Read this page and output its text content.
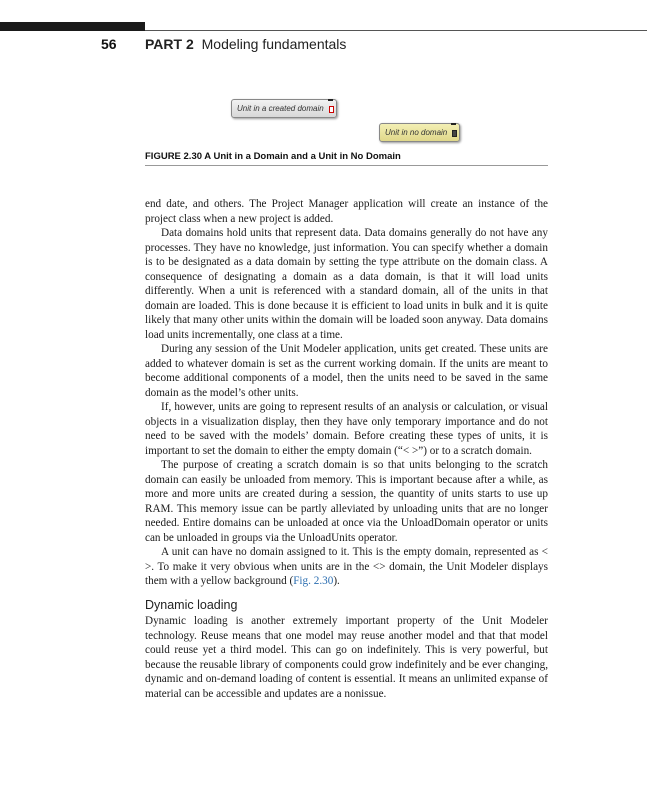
56 PART 2 Modeling fundamentals
Unit in a created domain
Unit in no domain
FIGURE 2.30 A Unit in a Domain and a Unit in No Domain

end date, and others. The Project Manager application will create an instance of the project class when a new project is added.

Data domains hold units that represent data. Data domains generally do not have any processes. They have no knowledge, just information. You can specify whether a domain is to be designated as a data domain by setting the type attribute on the domain class. A consequence of designating a domain as a data domain, is that it will load units differently. When a unit is referenced with a standard domain, all of the units in that domain are loaded. This is done because it is efficient to load units in bulk and it is quite likely that many other units within the domain will be loaded soon anyway. Data domains load units incrementally, one class at a time.

During any session of the Unit Modeler application, units get created. These units are added to whatever domain is set as the current working domain. If the units are meant to become additional components of a model, then the units need to be saved in the same domain as the model’s other units.

If, however, units are going to represent results of an analysis or calculation, or visual objects in a visualization display, then they have only temporary importance and do not need to be saved with the models’ domain. Before creating these types of units, it is important to set the domain to either the empty domain (“< >”) or to a scratch domain.

The purpose of creating a scratch domain is so that units belonging to the scratch domain can easily be unloaded from memory. This is important because after a while, as more and more units are created during a session, the quantity of units starts to use up RAM. This memory issue can be partly alleviated by unloading units that are no longer needed. Entire domains can be unloaded at once via the UnloadDomain operator or units can be unloaded in groups via the UnloadUnits operator.

A unit can have no domain assigned to it. This is the empty domain, represented as < >. To make it very obvious when units are in the <> domain, the Unit Modeler displays them with a yellow background (Fig. 2.30).

Dynamic loading

Dynamic loading is another extremely important property of the Unit Modeler technology. Reuse means that one model may reuse another model and that that model could reuse yet a third model. This can go on indefinitely. This is very powerful, but because the reusable library of components could grow indefinitely and be ever changing, dynamic and on-demand loading of content is essential. It means an unlimited expanse of material can be accessible and updates are a nonissue.
